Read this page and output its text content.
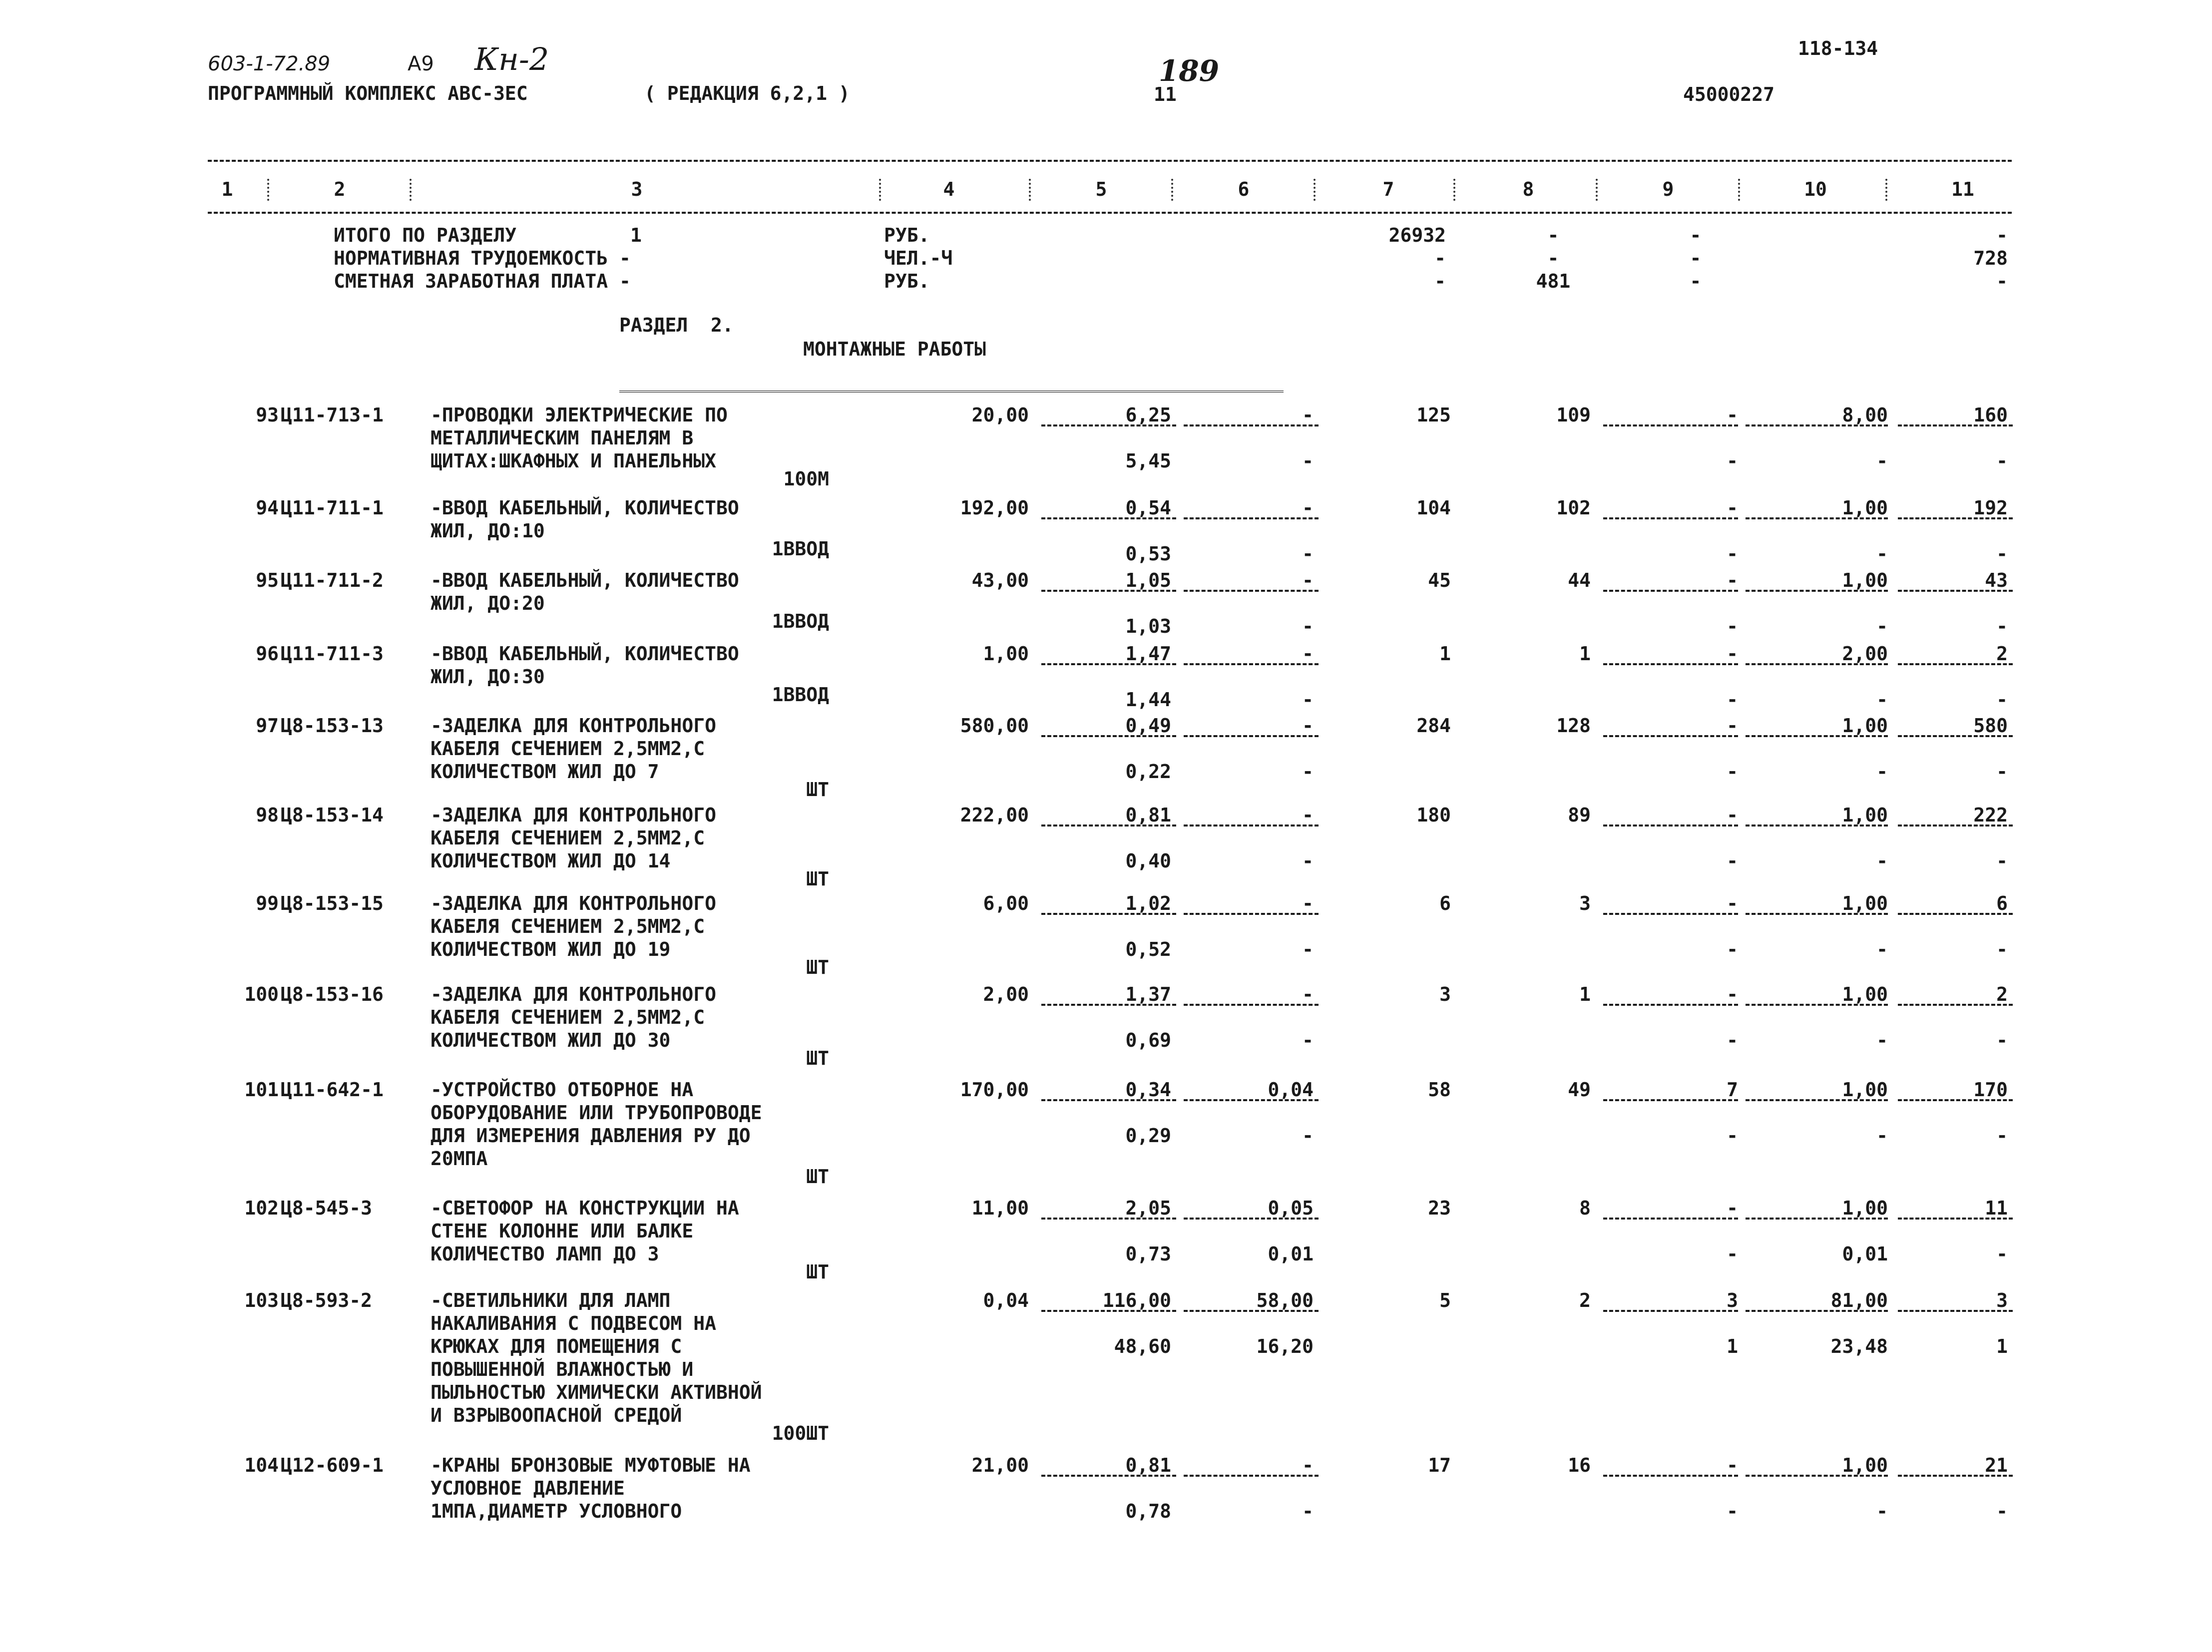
603-1-72.89	А9 Кн-2	189
118-134
ПРОГРАММНЫЙ КОМПЛЕКС АВС-3ЕС	( РЕДАКЦИЯ 6,2,1 )	11	45000227
1	2	3	4	5	6	7	8	9	10	11
ИТОГО ПО РАЗДЕЛУ	1	РУБ.	26932	-	-	-
НОРМАТИВНАЯ ТРУДОЕМКОСТЬ -	ЧЕЛ.-Ч	-	-	-	728
СМЕТНАЯ ЗАРАБОТНАЯ ПЛАТА -	РУБ.	-	481	-	-
РАЗДЕЛ  2.
МОНТАЖНЫЕ РАБОТЫ
93 Ц11-713-1 -ПРОВОДКИ ЭЛЕКТРИЧЕСКИЕ ПО
МЕТАЛЛИЧЕСКИМ ПАНЕЛЯМ В
ЩИТАХ:ШКАФНЫХ И ПАНЕЛЬНЫХ
100М
20,00	6,25	-	125	109	-	8,00	160
5,45	-	-	-	-
94 Ц11-711-1 -ВВОД КАБЕЛЬНЫЙ, КОЛИЧЕСТВО
ЖИЛ, ДО:10
1ВВОД
192,00	0,54	-	104	102	-	1,00	192
0,53	-	-	-	-
95 Ц11-711-2 -ВВОД КАБЕЛЬНЫЙ, КОЛИЧЕСТВО
ЖИЛ, ДО:20
1ВВОД
43,00	1,05	-	45	44	-	1,00	43
1,03	-	-	-	-
96 Ц11-711-3 -ВВОД КАБЕЛЬНЫЙ, КОЛИЧЕСТВО
ЖИЛ, ДО:30
1ВВОД
1,00	1,47	-	1	1	-	2,00	2
1,44	-	-	-	-
97 Ц8-153-13 -ЗАДЕЛКА ДЛЯ КОНТРОЛЬНОГО
КАБЕЛЯ СЕЧЕНИЕМ 2,5ММ2,С
КОЛИЧЕСТВОМ ЖИЛ ДО 7
ШТ
580,00	0,49	-	284	128	-	1,00	580
0,22	-	-	-	-
98 Ц8-153-14 -ЗАДЕЛКА ДЛЯ КОНТРОЛЬНОГО
КАБЕЛЯ СЕЧЕНИЕМ 2,5ММ2,С
КОЛИЧЕСТВОМ ЖИЛ ДО 14
ШТ
222,00	0,81	-	180	89	-	1,00	222
0,40	-	-	-	-
99 Ц8-153-15 -ЗАДЕЛКА ДЛЯ КОНТРОЛЬНОГО
КАБЕЛЯ СЕЧЕНИЕМ 2,5ММ2,С
КОЛИЧЕСТВОМ ЖИЛ ДО 19
ШТ
6,00	1,02	-	6	3	-	1,00	6
0,52	-	-	-	-
100 Ц8-153-16 -ЗАДЕЛКА ДЛЯ КОНТРОЛЬНОГО
КАБЕЛЯ СЕЧЕНИЕМ 2,5ММ2,С
КОЛИЧЕСТВОМ ЖИЛ ДО 30
ШТ
2,00	1,37	-	3	1	-	1,00	2
0,69	-	-	-	-
101 Ц11-642-1 -УСТРОЙСТВО ОТБОРНОЕ НА
ОБОРУДОВАНИЕ ИЛИ ТРУБОПРОВОДЕ
ДЛЯ ИЗМЕРЕНИЯ ДАВЛЕНИЯ РУ ДО
20МПА
ШТ
170,00	0,34	0,04	58	49	7	1,00	170
0,29	-	-	-	-
102 Ц8-545-3	-СВЕТОФОР НА КОНСТРУКЦИИ НА
СТЕНЕ КОЛОННЕ ИЛИ БАЛКЕ
КОЛИЧЕСТВО ЛАМП ДО 3
ШТ
11,00	2,05	0,05	23	8	-	1,00	11
0,73	0,01	-	0,01	-
103 Ц8-593-2	-СВЕТИЛЬНИКИ ДЛЯ ЛАМП
НАКАЛИВАНИЯ С ПОДВЕСОМ НА
КРЮКАХ ДЛЯ ПОМЕЩЕНИЯ С
ПОВЫШЕННОЙ ВЛАЖНОСТЬЮ И
ПЫЛЬНОСТЬЮ ХИМИЧЕСКИ АКТИВНОЙ
И ВЗРЫВООПАСНОЙ СРЕДОЙ
100ШТ
0,04	116,00	58,00	5	2	3	81,00	3
48,60	16,20	1	23,48	1
104 Ц12-609-1 -КРАНЫ БРОНЗОВЫЕ МУФТОВЫЕ НА
УСЛОВНОЕ ДАВЛЕНИЕ
1МПА,ДИАМЕТР УСЛОВНОГО
21,00	0,81	-	17	16	-	1,00	21
0,78	-	-	-	-
